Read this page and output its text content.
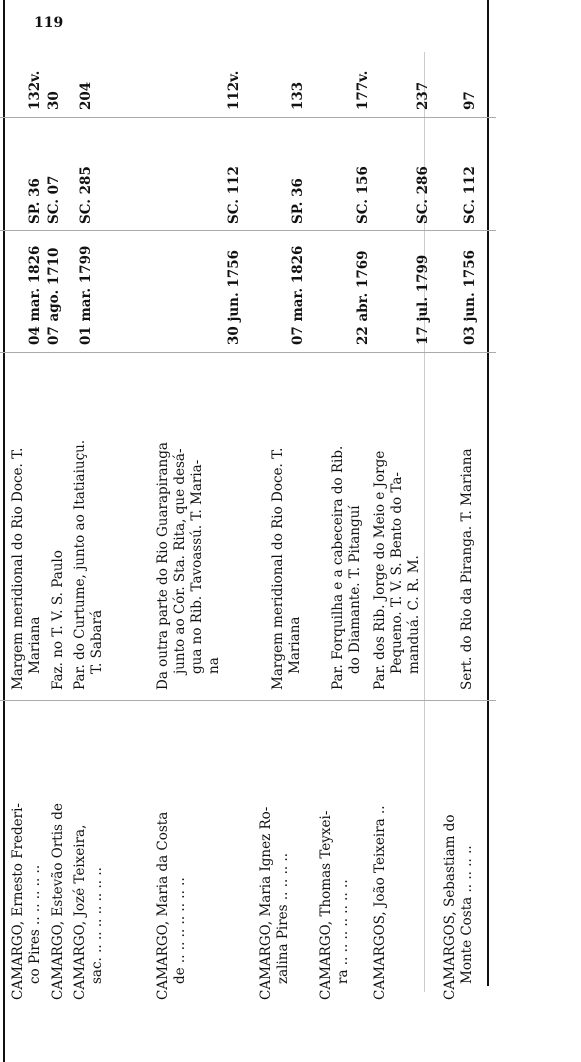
119
CAMARGO, Ernesto Frederi- co Pires .. .. .. .. ..
Margem meridional do Rio Doce. T. Mariana
04 mar. 1826
SP. 36
132v.
CAMARGO, Estevão Ortis de
Faz. no T. V. S. Paulo
07 ago. 1710
SC. 07
30
CAMARGO, Jozé Teixeira, sac. .. .. .. .. .. .. ..
Par. do Curtume, junto ao Itatiaiuçu. T. Sabará
01 mar. 1799
SC. 285
204
CAMARGO, Maria da Costa de .. .. .. .. .. .. ..
Da outra parte do Rio Guarapiranga junto ao Cór. Sta. Rita, que desá- gua no Rib. Tavoassú. T. Maria- na
30 jun. 1756
SC. 112
112v.
CAMARGO, Maria Ignez Ro- zalina Pires .. .. .. ..
Margem meridional do Rio Doce. T. Mariana
07 mar. 1826
SP. 36
133
CAMARGO, Thomas Teyxei- ra .. .. .. .. .. .. ..
Par. Forquilha e a cabeceira do Rib. do Diamante. T. Pitanguí
22 abr. 1769
SC. 156
177v.
CAMARGOS, João Teixeira ..
Par. dos Rib. Jorge do Meio e Jorge Pequeno. T. V. S. Bento do Ta- manduá. C. R. M.
17 jul. 1799
SC. 286
237
CAMARGOS, Sebastiam do Monte Costa .. .. .. ..
Sert. do Rio da Piranga. T. Mariana
03 jun. 1756
SC. 112
97
